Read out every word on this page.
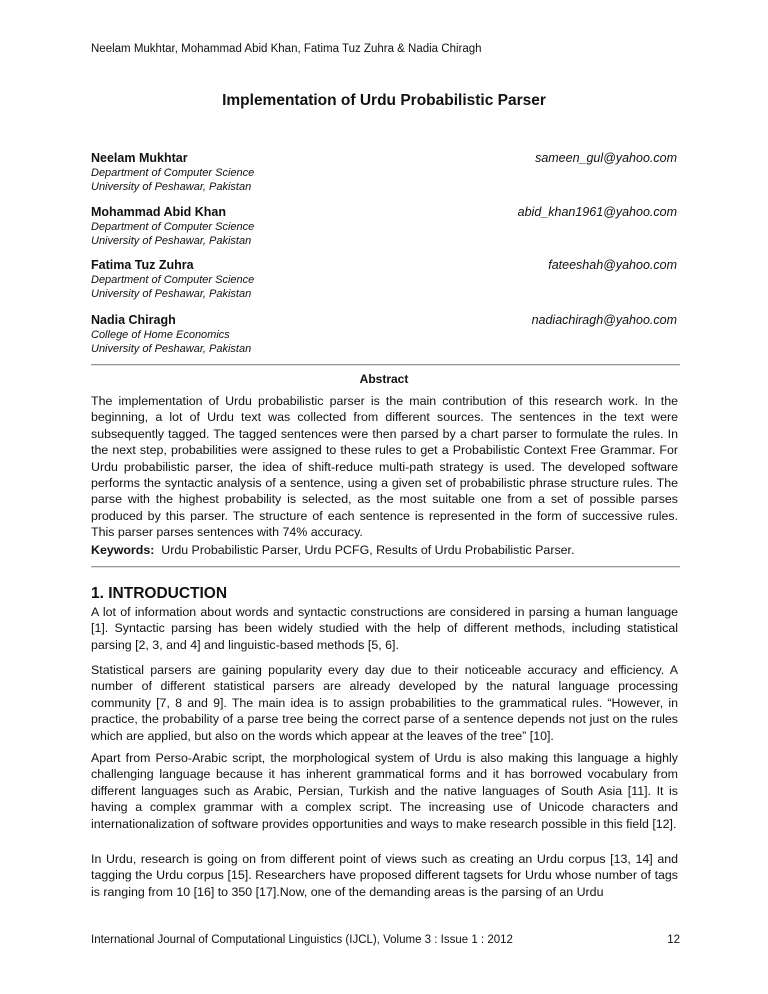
Neelam Mukhtar, Mohammad Abid Khan, Fatima Tuz Zuhra & Nadia Chiragh
Implementation of Urdu Probabilistic Parser
Neelam Mukhtar	sameen_gul@yahoo.com
Department of Computer Science
University of Peshawar, Pakistan
Mohammad Abid Khan	abid_khan1961@yahoo.com
Department of Computer Science
University of Peshawar, Pakistan
Fatima Tuz Zuhra	fateeshah@yahoo.com
Department of Computer Science
University of Peshawar, Pakistan
Nadia Chiragh	nadiachiragh@yahoo.com
College of Home Economics
University of Peshawar, Pakistan
Abstract
The implementation of Urdu probabilistic parser is the main contribution of this research work. In the beginning, a lot of Urdu text was collected from different sources. The sentences in the text were subsequently tagged. The tagged sentences were then parsed by a chart parser to formulate the rules. In the next step, probabilities were assigned to these rules to get a Probabilistic Context Free Grammar. For Urdu probabilistic parser, the idea of shift-reduce multi-path strategy is used. The developed software performs the syntactic analysis of a sentence, using a given set of probabilistic phrase structure rules. The parse with the highest probability is selected, as the most suitable one from a set of possible parses produced by this parser. The structure of each sentence is represented in the form of successive rules. This parser parses sentences with 74% accuracy.
Keywords: Urdu Probabilistic Parser, Urdu PCFG, Results of Urdu Probabilistic Parser.
1. INTRODUCTION
A lot of information about words and syntactic constructions are considered in parsing a human language [1]. Syntactic parsing has been widely studied with the help of different methods, including statistical parsing [2, 3, and 4] and linguistic-based methods [5, 6].
Statistical parsers are gaining popularity every day due to their noticeable accuracy and efficiency. A number of different statistical parsers are already developed by the natural language processing community [7, 8 and 9]. The main idea is to assign probabilities to the grammatical rules. “However, in practice, the probability of a parse tree being the correct parse of a sentence depends not just on the rules which are applied, but also on the words which appear at the leaves of the tree” [10].
Apart from Perso-Arabic script, the morphological system of Urdu is also making this language a highly challenging language because it has inherent grammatical forms and it has borrowed vocabulary from different languages such as Arabic, Persian, Turkish and the native languages of South Asia [11]. It is having a complex grammar with a complex script. The increasing use of Unicode characters and internationalization of software provides opportunities and ways to make research possible in this field [12].
In Urdu, research is going on from different point of views such as creating an Urdu corpus [13, 14] and tagging the Urdu corpus [15]. Researchers have proposed different tagsets for Urdu whose number of tags is ranging from 10 [16] to 350 [17].Now, one of the demanding areas is the parsing of an Urdu
International Journal of Computational Linguistics (IJCL), Volume 3 : Issue 1 : 2012	12
